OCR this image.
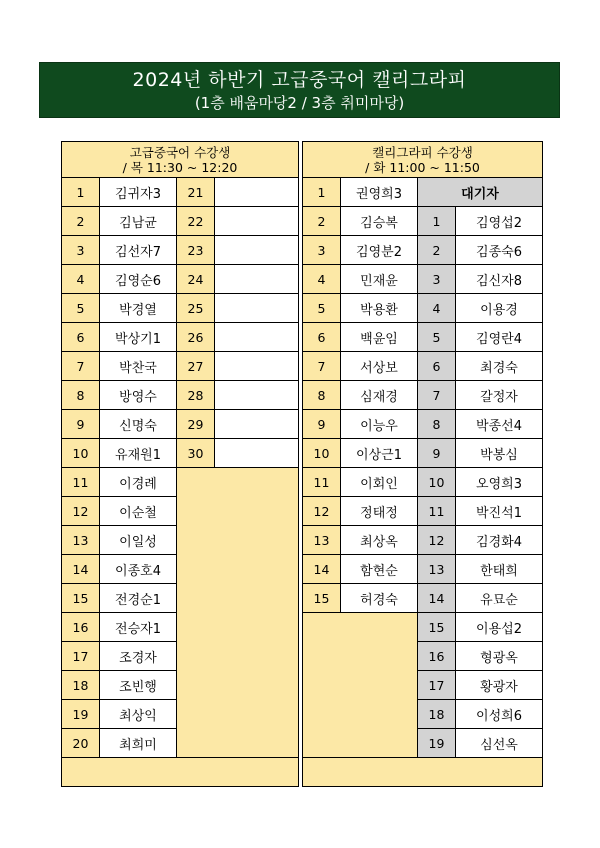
2024년 하반기 고급중국어 캘리그라피
(1층 배움마당2 / 3층 취미마당)
고급중국어 수강생
/ 목 11:30 ~ 12:20			

1	김귀자3	21	
2	김남균	22	
3	김선자7	23	
4	김영순6	24	
5	박경열	25	
6	박상기1	26	
7	박찬국	27	
8	방영수	28	
9	신명숙	29	
10	유재원1	30	
11	이경례		
12	이순철		
13	이일성		
14	이종호4		
15	전경순1		
16	전승자1		
17	조경자		
18	조빈행		
19	최상익		
20	최희미		

캘리그라피 수강생
/ 화 11:00 ~ 11:50			

1	권영희3	대기자	
2	김승복	1	김영섭2
3	김영분2	2	김종숙6
4	민재윤	3	김신자8
5	박용환	4	이용경
6	백윤임	5	김영란4
7	서상보	6	최경숙
8	심재경	7	갈정자
9	이능우	8	박종선4
10	이상근1	9	박봉심
11	이회인	10	오영희3
12	정태정	11	박진석1
13	최상옥	12	김경화4
14	함현순	13	한태희
15	허경숙	14	유묘순
		15	이용섭2
		16	형광옥
		17	황광자
		18	이성희6
		19	심선옥
